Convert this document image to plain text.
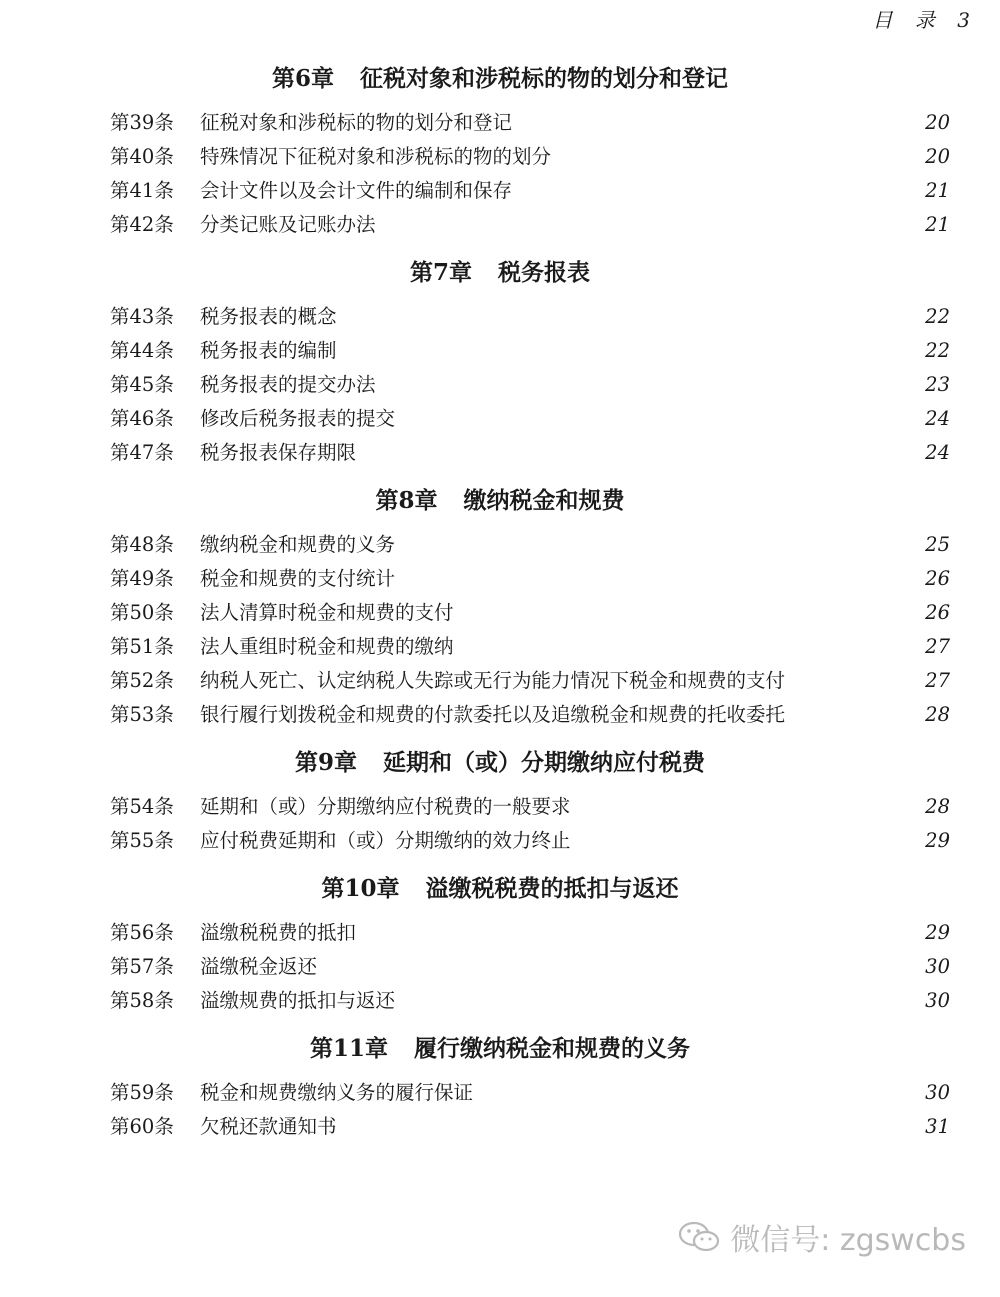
目 录 3
第6章 征税对象和涉税标的物的划分和登记
第39条 征税对象和涉税标的物的划分和登记	20
第40条 特殊情况下征税对象和涉税标的物的划分	20
第41条 会计文件以及会计文件的编制和保存	21
第42条 分类记账及记账办法	21
第7章 税务报表
第43条 税务报表的概念	22
第44条 税务报表的编制	22
第45条 税务报表的提交办法	23
第46条 修改后税务报表的提交	24
第47条 税务报表保存期限	24
第8章 缴纳税金和规费
第48条 缴纳税金和规费的义务	25
第49条 税金和规费的支付统计	26
第50条 法人清算时税金和规费的支付	26
第51条 法人重组时税金和规费的缴纳	27
第52条 纳税人死亡、认定纳税人失踪或无行为能力情况下税金和规费的支付	27
第53条 银行履行划拨税金和规费的付款委托以及追缴税金和规费的托收委托	28
第9章 延期和（或）分期缴纳应付税费
第54条 延期和（或）分期缴纳应付税费的一般要求	28
第55条 应付税费延期和（或）分期缴纳的效力终止	29
第10章 溢缴税税费的抵扣与返还
第56条 溢缴税税费的抵扣	29
第57条 溢缴税金返还	30
第58条 溢缴规费的抵扣与返还	30
第11章 履行缴纳税金和规费的义务
第59条 税金和规费缴纳义务的履行保证	30
第60条 欠税还款通知书	31
微信号: zgswcbs
